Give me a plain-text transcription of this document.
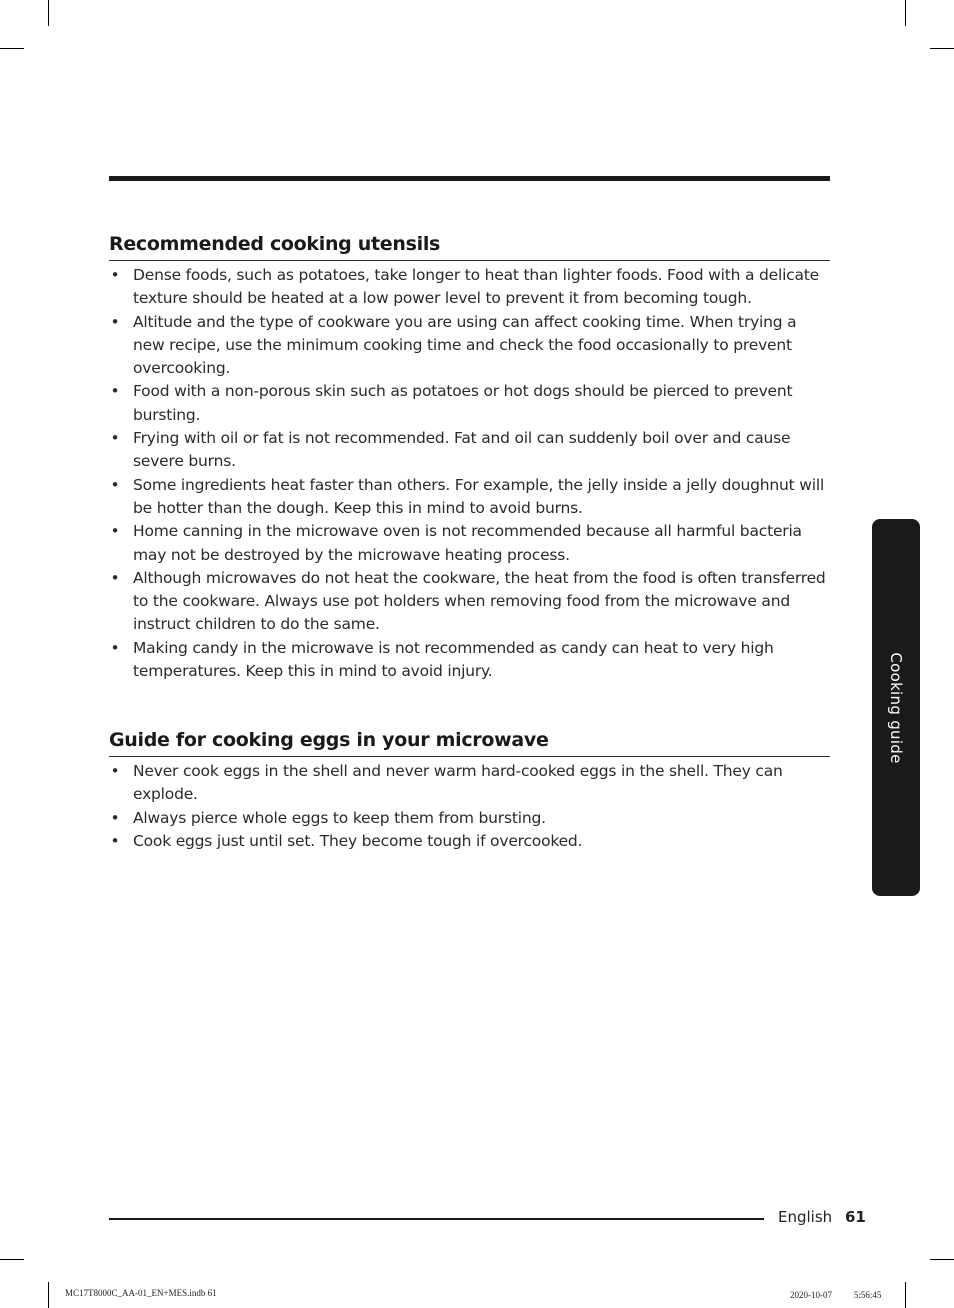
Recommended cooking utensils
• Dense foods, such as potatoes, take longer to heat than lighter foods. Food with a delicate texture should be heated at a low power level to prevent it from becoming tough.
• Altitude and the type of cookware you are using can affect cooking time. When trying a new recipe, use the minimum cooking time and check the food occasionally to prevent overcooking.
• Food with a non-porous skin such as potatoes or hot dogs should be pierced to prevent bursting.
• Frying with oil or fat is not recommended. Fat and oil can suddenly boil over and cause severe burns.
• Some ingredients heat faster than others. For example, the jelly inside a jelly doughnut will be hotter than the dough. Keep this in mind to avoid burns.
• Home canning in the microwave oven is not recommended because all harmful bacteria may not be destroyed by the microwave heating process.
• Although microwaves do not heat the cookware, the heat from the food is often transferred to the cookware. Always use pot holders when removing food from the microwave and instruct children to do the same.
• Making candy in the microwave is not recommended as candy can heat to very high temperatures. Keep this in mind to avoid injury.
Guide for cooking eggs in your microwave
• Never cook eggs in the shell and never warm hard-cooked eggs in the shell. They can explode.
• Always pierce whole eggs to keep them from bursting.
• Cook eggs just until set. They become tough if overcooked.
Cooking guide
English 61
MC17T8000C_AA-01_EN+MES.indb 61	2020-10-07 ㅤㅤ 5:56:45
